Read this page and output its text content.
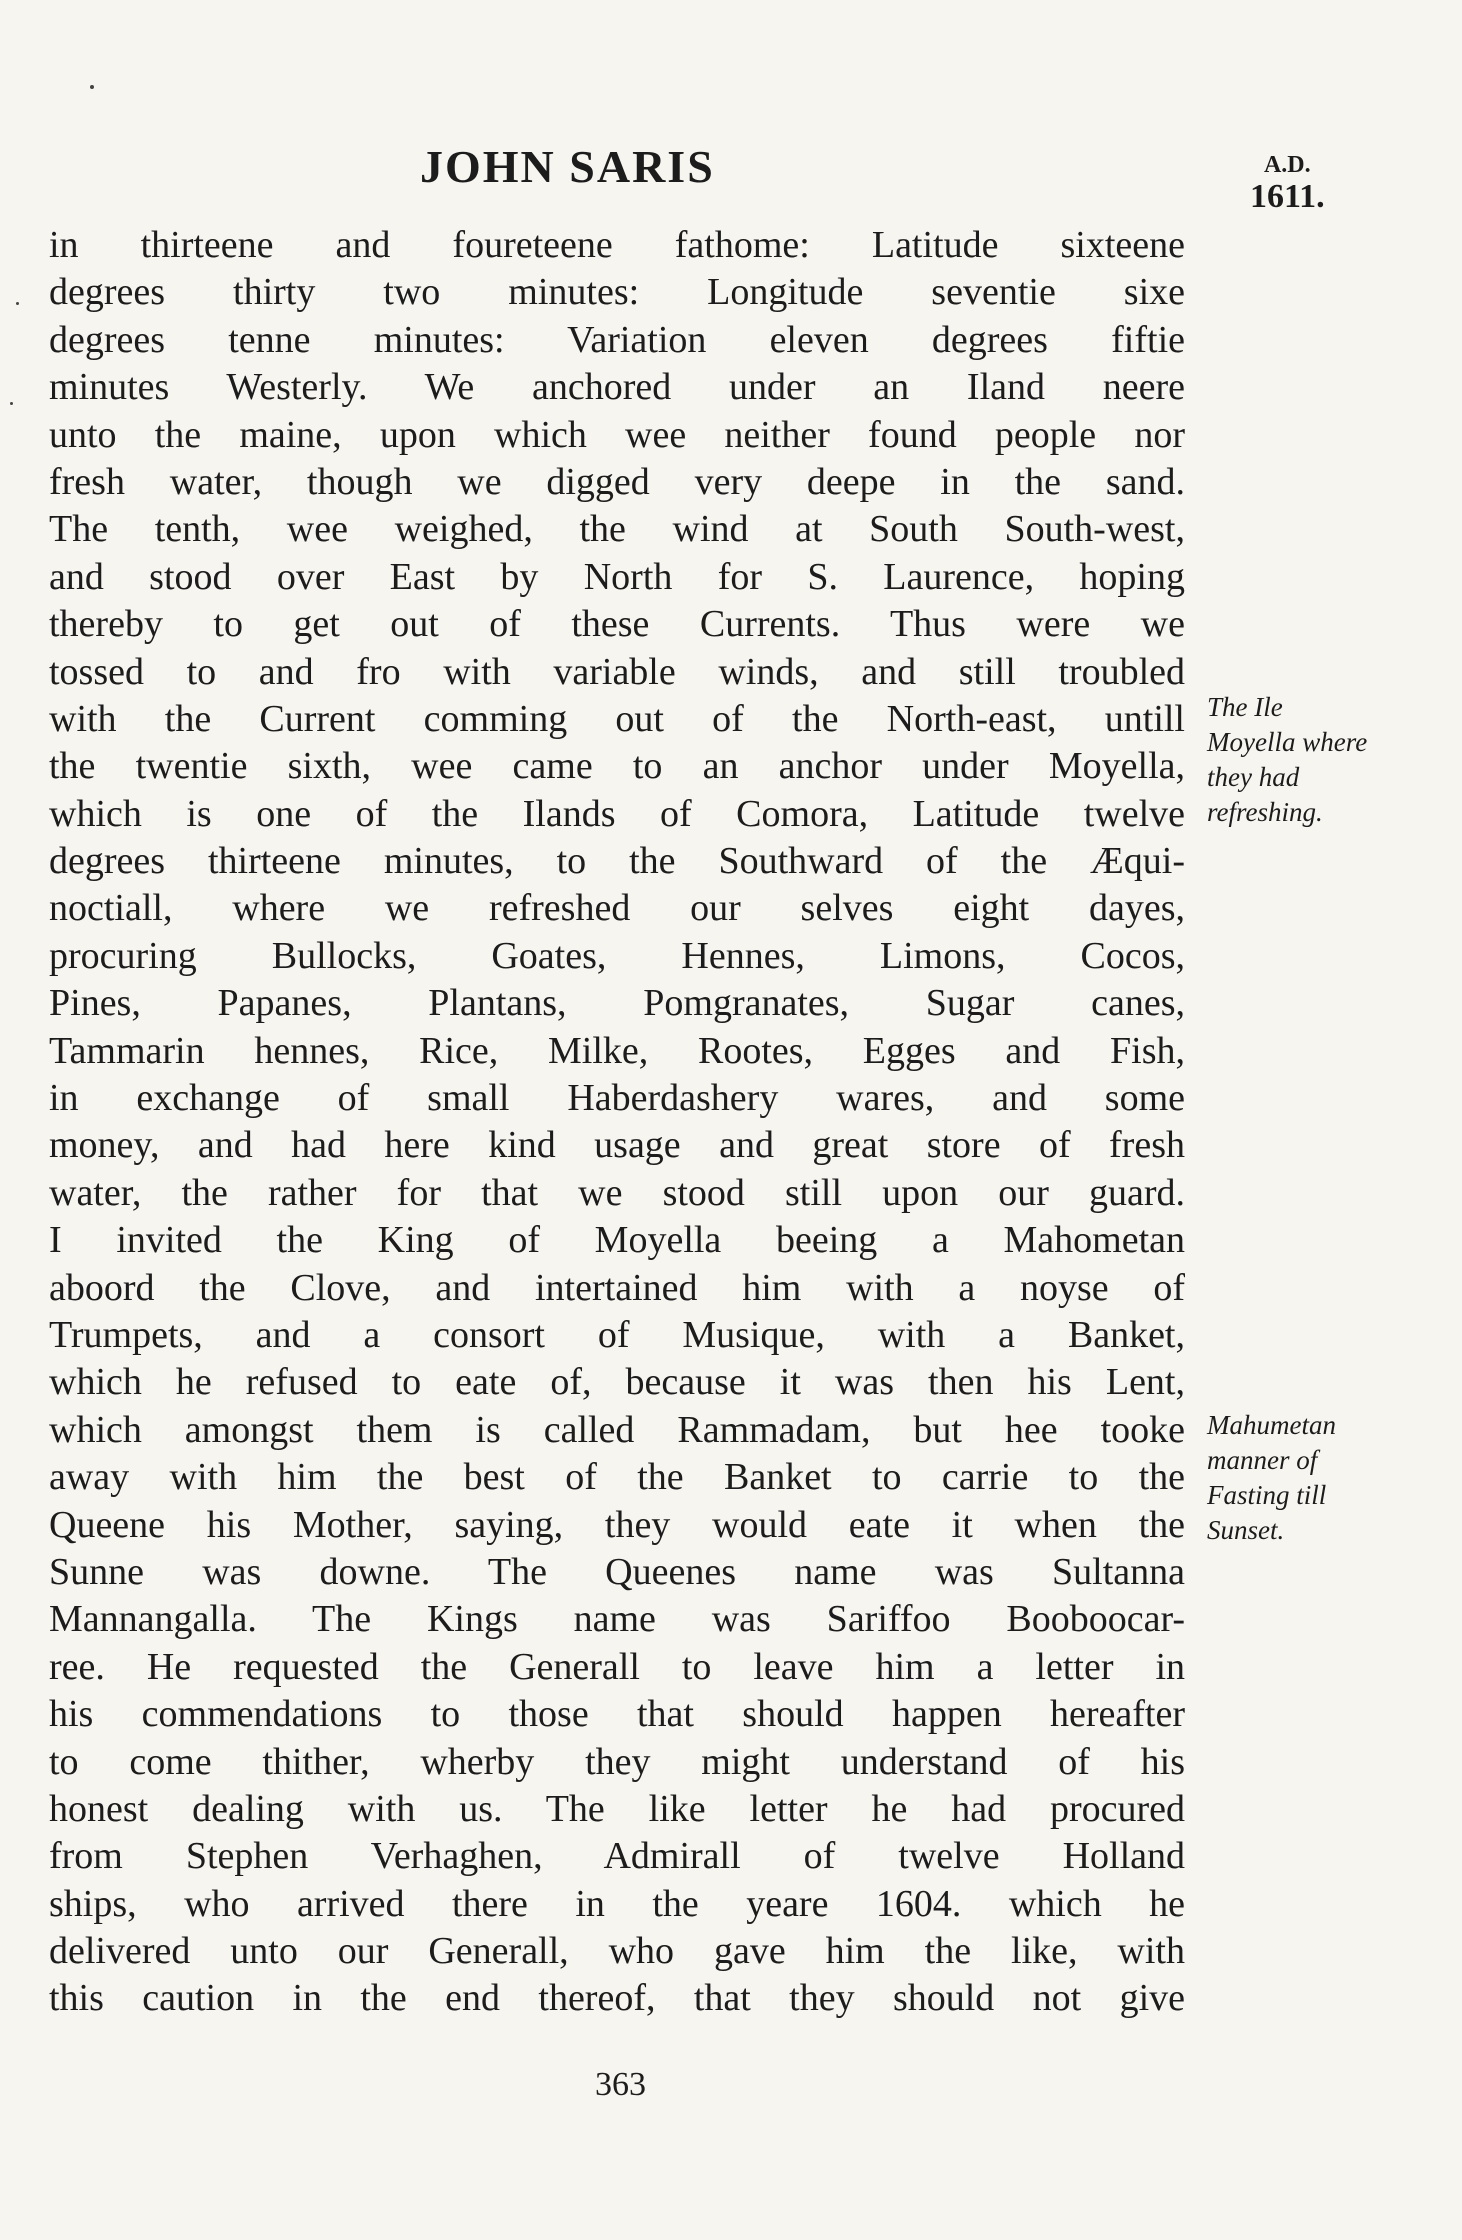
JOHN SARIS	A.D.
1611.
in thirteene and foureteene fathome: Latitude sixteene
degrees thirty two minutes: Longitude seventie sixe
degrees tenne minutes: Variation eleven degrees fiftie
minutes Westerly. We anchored under an Iland neere
unto the maine, upon which wee neither found people nor
fresh water, though we digged very deepe in the sand.
The tenth, wee weighed, the wind at South South-west,
and stood over East by North for S. Laurence, hoping
thereby to get out of these Currents. Thus were we
tossed to and fro with variable winds, and still troubled
with the Current comming out of the North-east, untill
the twentie sixth, wee came to an anchor under Moyella,
which is one of the Ilands of Comora, Latitude twelve
degrees thirteene minutes, to the Southward of the Æqui-
noctiall, where we refreshed our selves eight dayes,
procuring Bullocks, Goates, Hennes, Limons, Cocos,
Pines, Papanes, Plantans, Pomgranates, Sugar canes,
Tammarin hennes, Rice, Milke, Rootes, Egges and Fish,
in exchange of small Haberdashery wares, and some
money, and had here kind usage and great store of fresh
water, the rather for that we stood still upon our guard.
I invited the King of Moyella beeing a Mahometan
aboord the Clove, and intertained him with a noyse of
Trumpets, and a consort of Musique, with a Banket,
which he refused to eate of, because it was then his Lent,
which amongst them is called Rammadam, but hee tooke
away with him the best of the Banket to carrie to the
Queene his Mother, saying, they would eate it when the
Sunne was downe. The Queenes name was Sultanna
Mannangalla. The Kings name was Sariffoo Booboocar-
ree. He requested the Generall to leave him a letter in
his commendations to those that should happen hereafter
to come thither, wherby they might understand of his
honest dealing with us. The like letter he had procured
from Stephen Verhaghen, Admirall of twelve Holland
ships, who arrived there in the yeare 1604. which he
delivered unto our Generall, who gave him the like, with
this caution in the end thereof, that they should not give
The Ile
Moyella where
they had
refreshing.
Mahumetan
manner of
Fasting till
Sunset.
363
